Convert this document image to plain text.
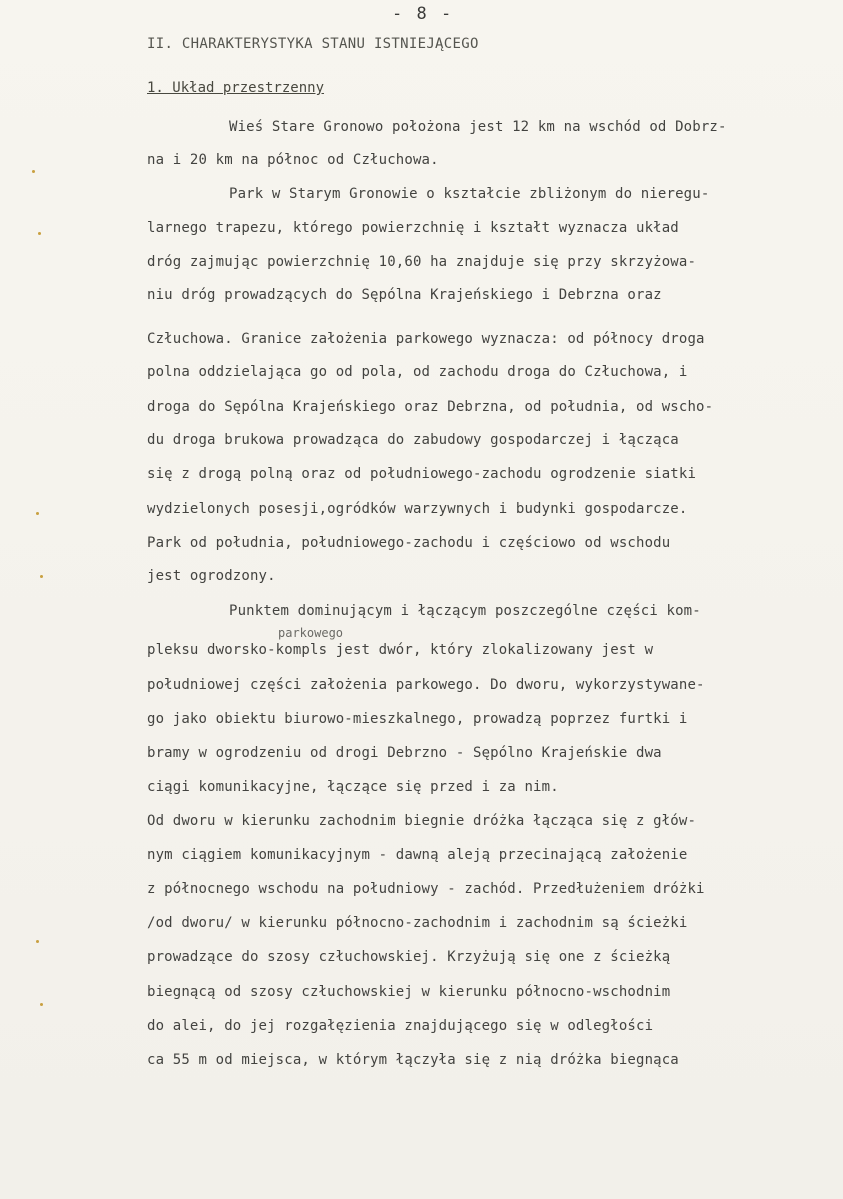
- 8 -
II. CHARAKTERYSTYKA STANU ISTNIEJĄCEGO
1. Układ przestrzenny
Wieś Stare Gronowo położona jest 12 km na wschód od Dobrz-
na i 20 km na północ od Człuchowa.
Park w Starym Gronowie o kształcie zbliżonym do nieregu-
larnego trapezu, którego powierzchnię i kształt wyznacza układ
dróg zajmując powierzchnię 10,60 ha znajduje się przy skrzyżowa-
niu dróg prowadzących do Sępólna Krajeńskiego i Debrzna oraz
Człuchowa. Granice założenia parkowego wyznacza: od północy droga
polna oddzielająca go od pola, od zachodu droga do Człuchowa, i
droga do Sępólna Krajeńskiego oraz Debrzna, od południa, od wscho-
du droga brukowa prowadząca do zabudowy gospodarczej i łącząca
się z drogą polną oraz od południowego-zachodu ogrodzenie siatki
wydzielonych posesji,ogródków warzywnych i budynki gospodarcze.
Park od południa, południowego-zachodu i częściowo od wschodu
jest ogrodzony.
Punktem dominującym i łączącym poszczególne części kom-
parkowego
pleksu dworsko-kompls jest dwór, który zlokalizowany jest w
południowej części założenia parkowego. Do dworu, wykorzystywane-
go jako obiektu biurowo-mieszkalnego, prowadzą poprzez furtki i
bramy w ogrodzeniu od drogi Debrzno - Sępólno Krajeńskie dwa
ciągi komunikacyjne, łączące się przed i za nim.
Od dworu w kierunku zachodnim biegnie dróżka łącząca się z głów-
nym ciągiem komunikacyjnym - dawną aleją przecinającą założenie
z północnego wschodu na południowy - zachód. Przedłużeniem dróżki
/od dworu/ w kierunku północno-zachodnim i zachodnim są ścieżki
prowadzące do szosy człuchowskiej. Krzyżują się one z ścieżką
biegnącą od szosy człuchowskiej w kierunku północno-wschodnim
do alei, do jej rozgałęzienia znajdującego się w odległości
ca 55 m od miejsca, w którym łączyła się z nią dróżka biegnąca
